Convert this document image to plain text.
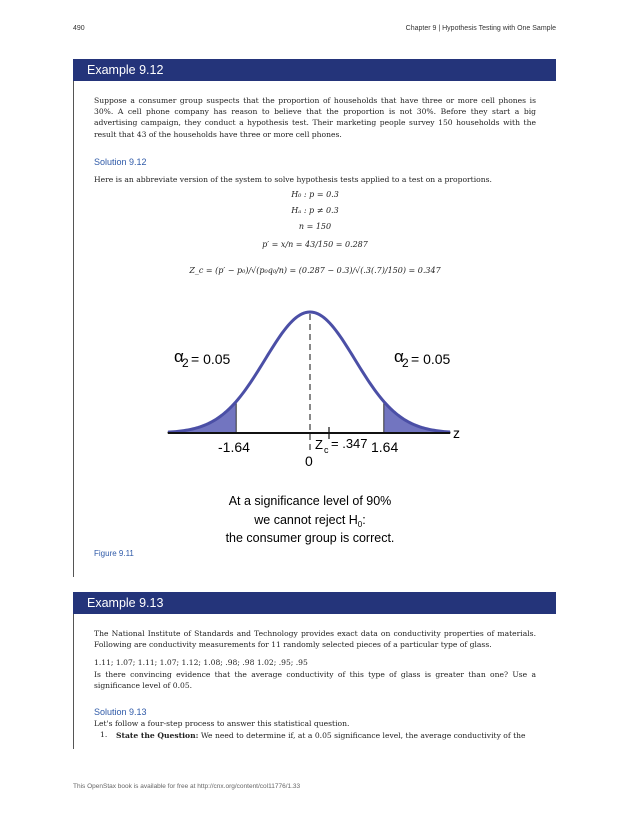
490	Chapter 9 | Hypothesis Testing with One Sample
Example 9.12
Suppose a consumer group suspects that the proportion of households that have three or more cell phones is 30%. A cell phone company has reason to believe that the proportion is not 30%. Before they start a big advertising campaign, they conduct a hypothesis test. Their marketing people survey 150 households with the result that 43 of the households have three or more cell phones.
Solution 9.12
Here is an abbreviate version of the system to solve hypothesis tests applied to a test on a proportions.
H₀ : p = 0.3
Hₐ : p ≠ 0.3
n = 150
p′ = x/n = 43/150 = 0.287
Z_c = (p′ − p₀)/√(p₀q₀/n) = (0.287 − 0.3)/√(.3(.7)/150) = 0.347
α
2 = 0.05	α
2 = 0.05
-1.64	1.64
0
Z c = .347
z
At a significance level of 90%
we cannot reject $H_0$:
the consumer group is correct.
Figure 9.11
Example 9.13
The National Institute of Standards and Technology provides exact data on conductivity properties of materials. Following are conductivity measurements for 11 randomly selected pieces of a particular type of glass.
1.11; 1.07; 1.11; 1.07; 1.12; 1.08; .98; .98 1.02; .95; .95
Is there convincing evidence that the average conductivity of this type of glass is greater than one? Use a significance level of 0.05.
Solution 9.13
Let's follow a four-step process to answer this statistical question.
1. State the Question: We need to determine if, at a 0.05 significance level, the average conductivity of the
This OpenStax book is available for free at http://cnx.org/content/col11776/1.33
